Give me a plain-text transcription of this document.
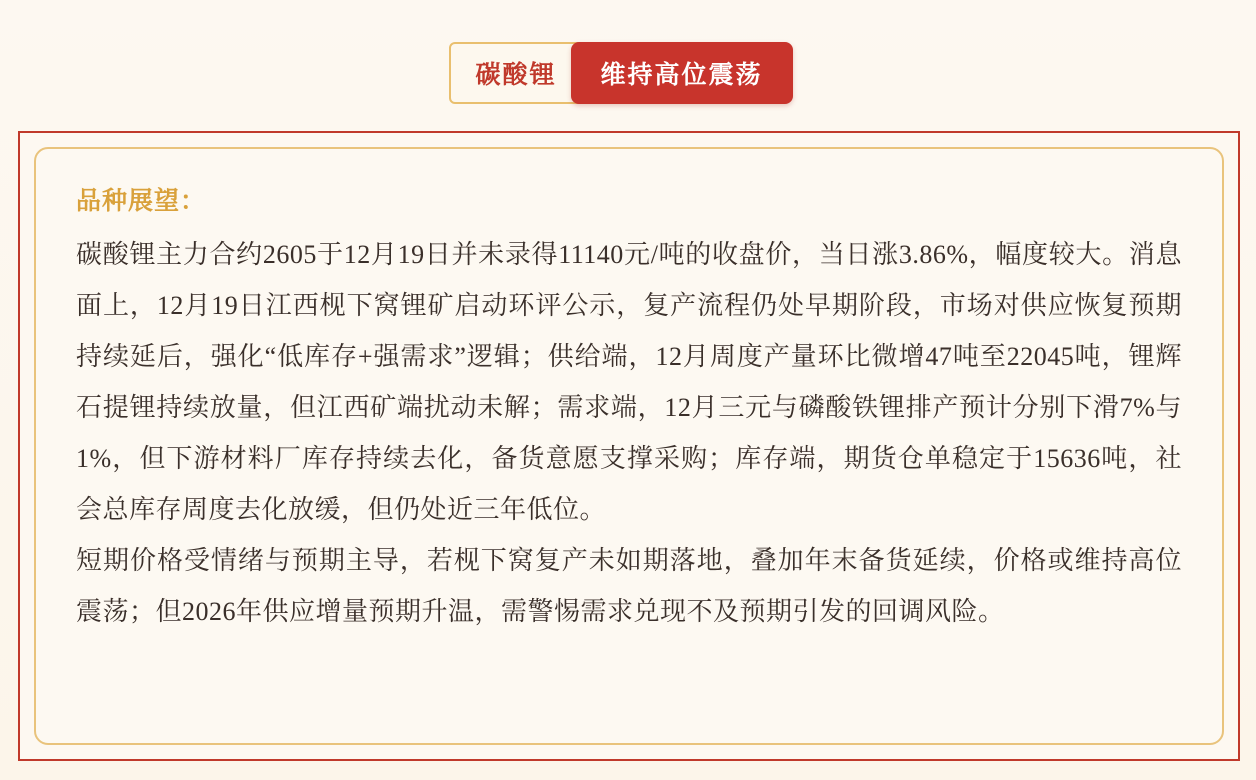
碳酸锂	维持高位震荡
品种展望：

碳酸锂主力合约2605于12月19日并未录得11140元/吨的收盘价，当日涨3.86%，幅度较大。消息面上，12月19日江西枧下窝锂矿启动环评公示，复产流程仍处早期阶段，市场对供应恢复预期持续延后，强化“低库存+强需求”逻辑；供给端，12月周度产量环比微增47吨至22045吨，锂辉石提锂持续放量，但江西矿端扰动未解；需求端，12月三元与磷酸铁锂排产预计分别下滑7%与1%，但下游材料厂库存持续去化，备货意愿支撑采购；库存端，期货仓单稳定于15636吨，社会总库存周度去化放缓，但仍处近三年低位。

短期价格受情绪与预期主导，若枧下窝复产未如期落地，叠加年末备货延续，价格或维持高位震荡；但2026年供应增量预期升温，需警惕需求兑现不及预期引发的回调风险。
